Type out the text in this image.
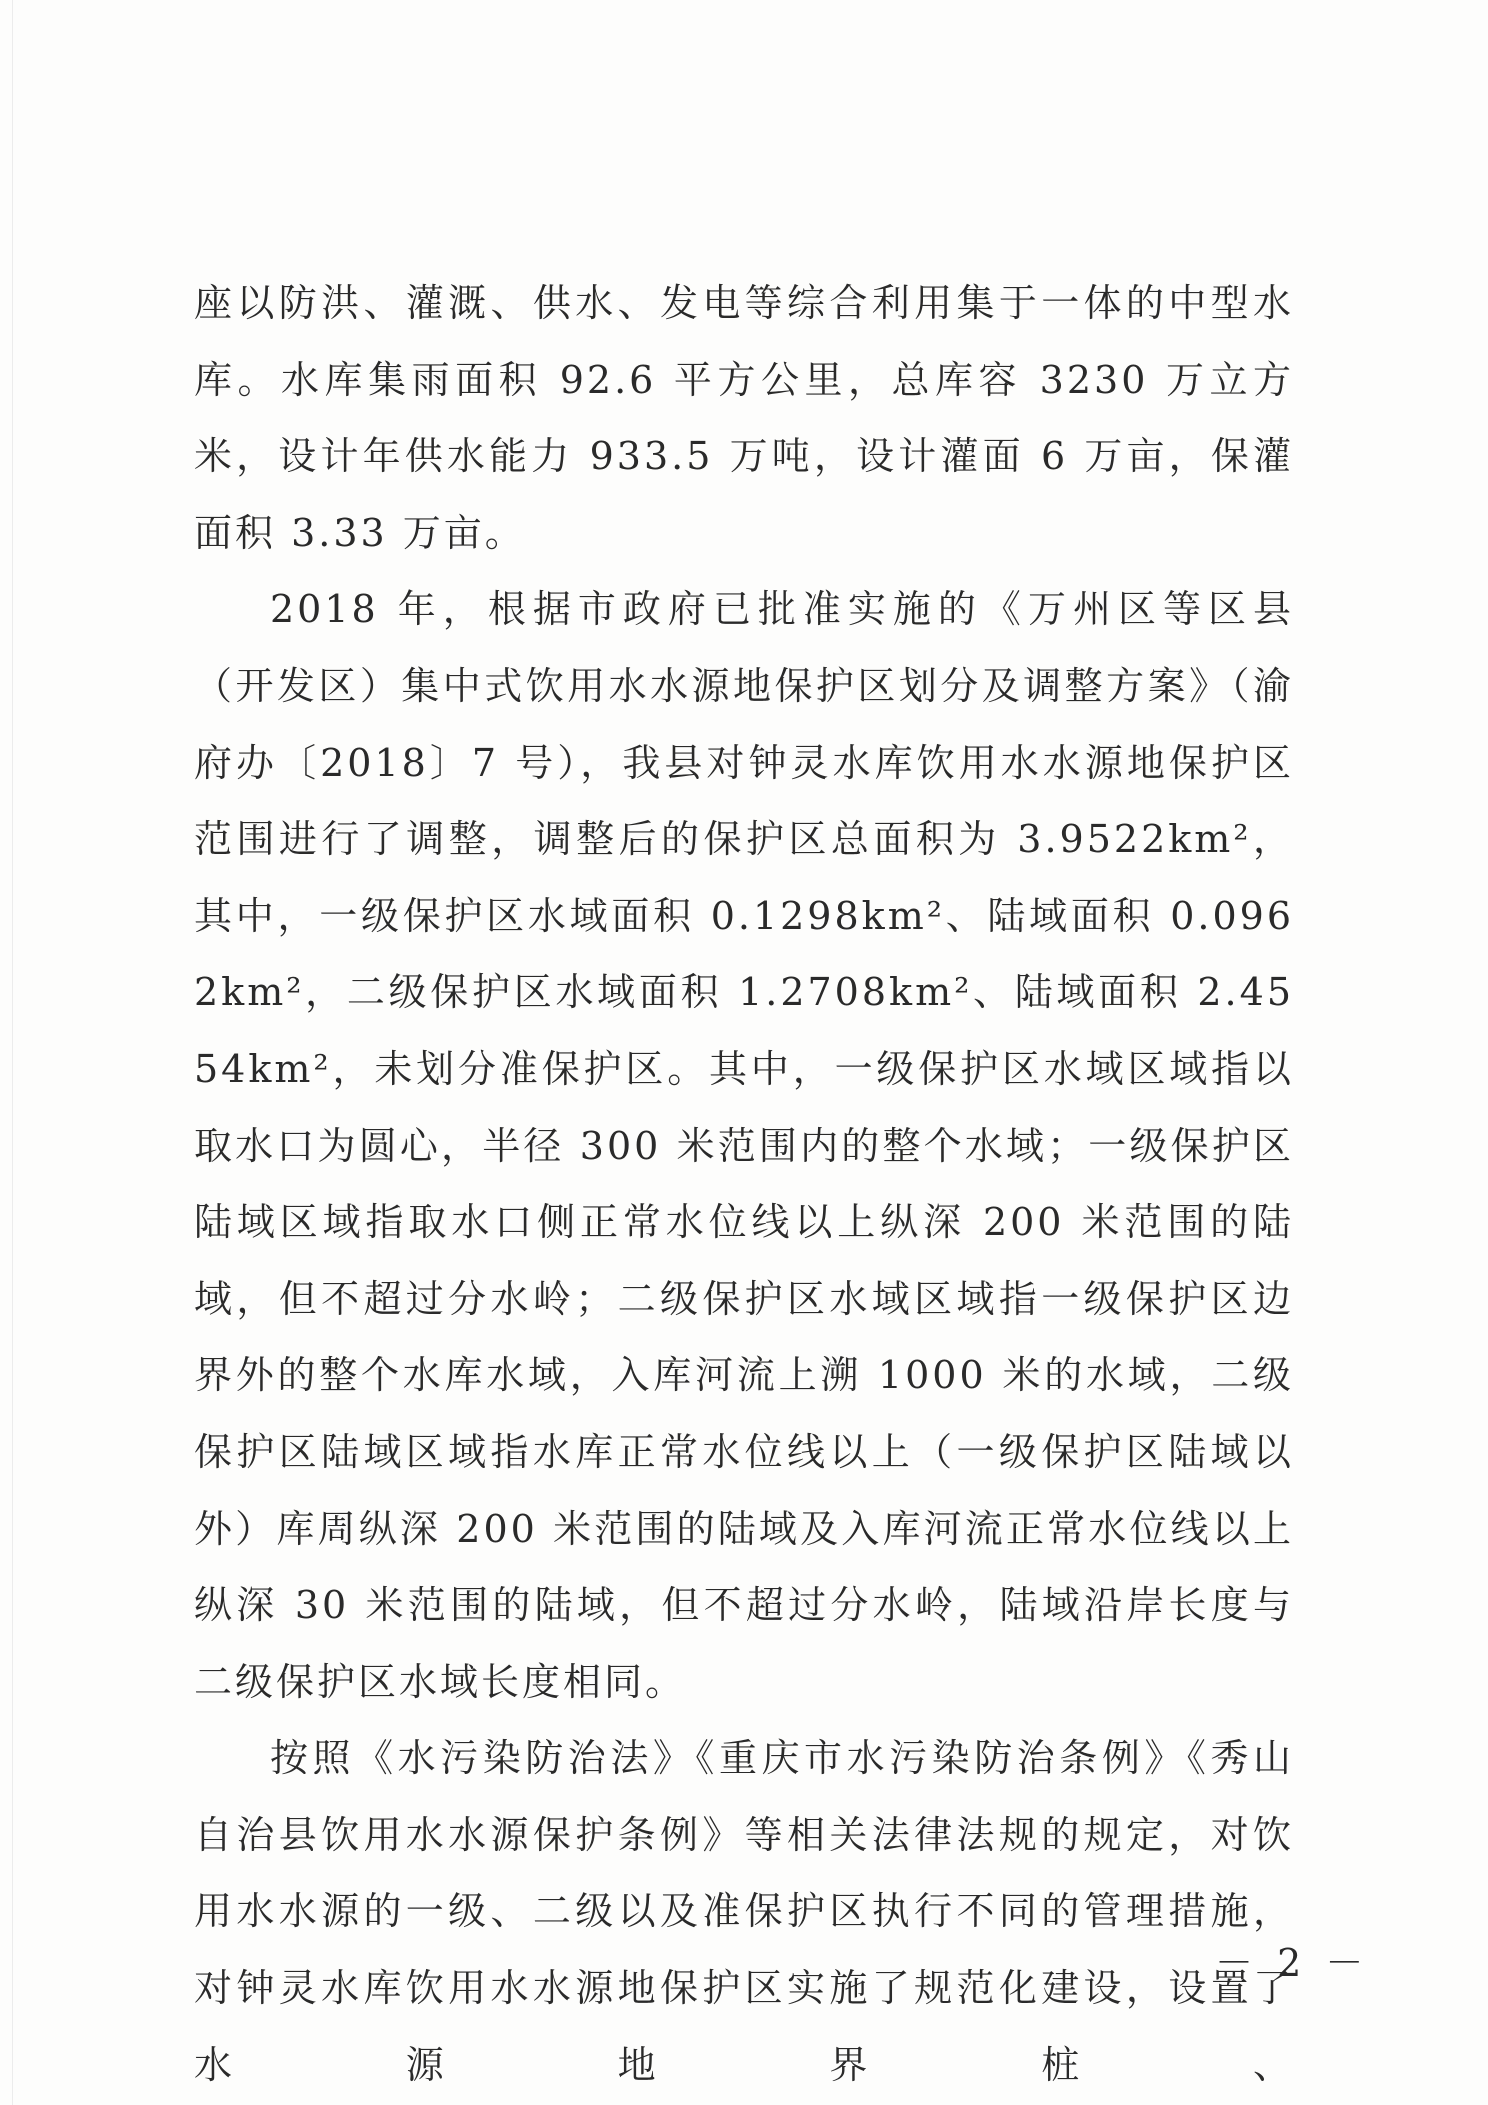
座以防洪、灌溉、供水、发电等综合利用集于一体的中型水库。水库集雨面积 92.6 平方公里，总库容 3230 万立方米，设计年供水能力 933.5 万吨，设计灌面 6 万亩，保灌面积 3.33 万亩。

2018 年，根据市政府已批准实施的《万州区等区县（开发区）集中式饮用水水源地保护区划分及调整方案》（渝府办〔2018〕7 号），我县对钟灵水库饮用水水源地保护区范围进行了调整，调整后的保护区总面积为 3.9522km²，其中，一级保护区水域面积 0.1298km²、陆域面积 0.0962km²，二级保护区水域面积 1.2708km²、陆域面积 2.4554km²，未划分准保护区。其中，一级保护区水域区域指以取水口为圆心，半径 300 米范围内的整个水域；一级保护区陆域区域指取水口侧正常水位线以上纵深 200 米范围的陆域，但不超过分水岭；二级保护区水域区域指一级保护区边界外的整个水库水域，入库河流上溯 1000 米的水域，二级保护区陆域区域指水库正常水位线以上（一级保护区陆域以外）库周纵深 200 米范围的陆域及入库河流正常水位线以上纵深 30 米范围的陆域，但不超过分水岭，陆域沿岸长度与二级保护区水域长度相同。

按照《水污染防治法》《重庆市水污染防治条例》《秀山自治县饮用水水源保护条例》等相关法律法规的规定，对饮用水水源的一级、二级以及准保护区执行不同的管理措施，对钟灵水库饮用水水源地保护区实施了规范化建设，设置了水源地界桩、

－ 2 －
